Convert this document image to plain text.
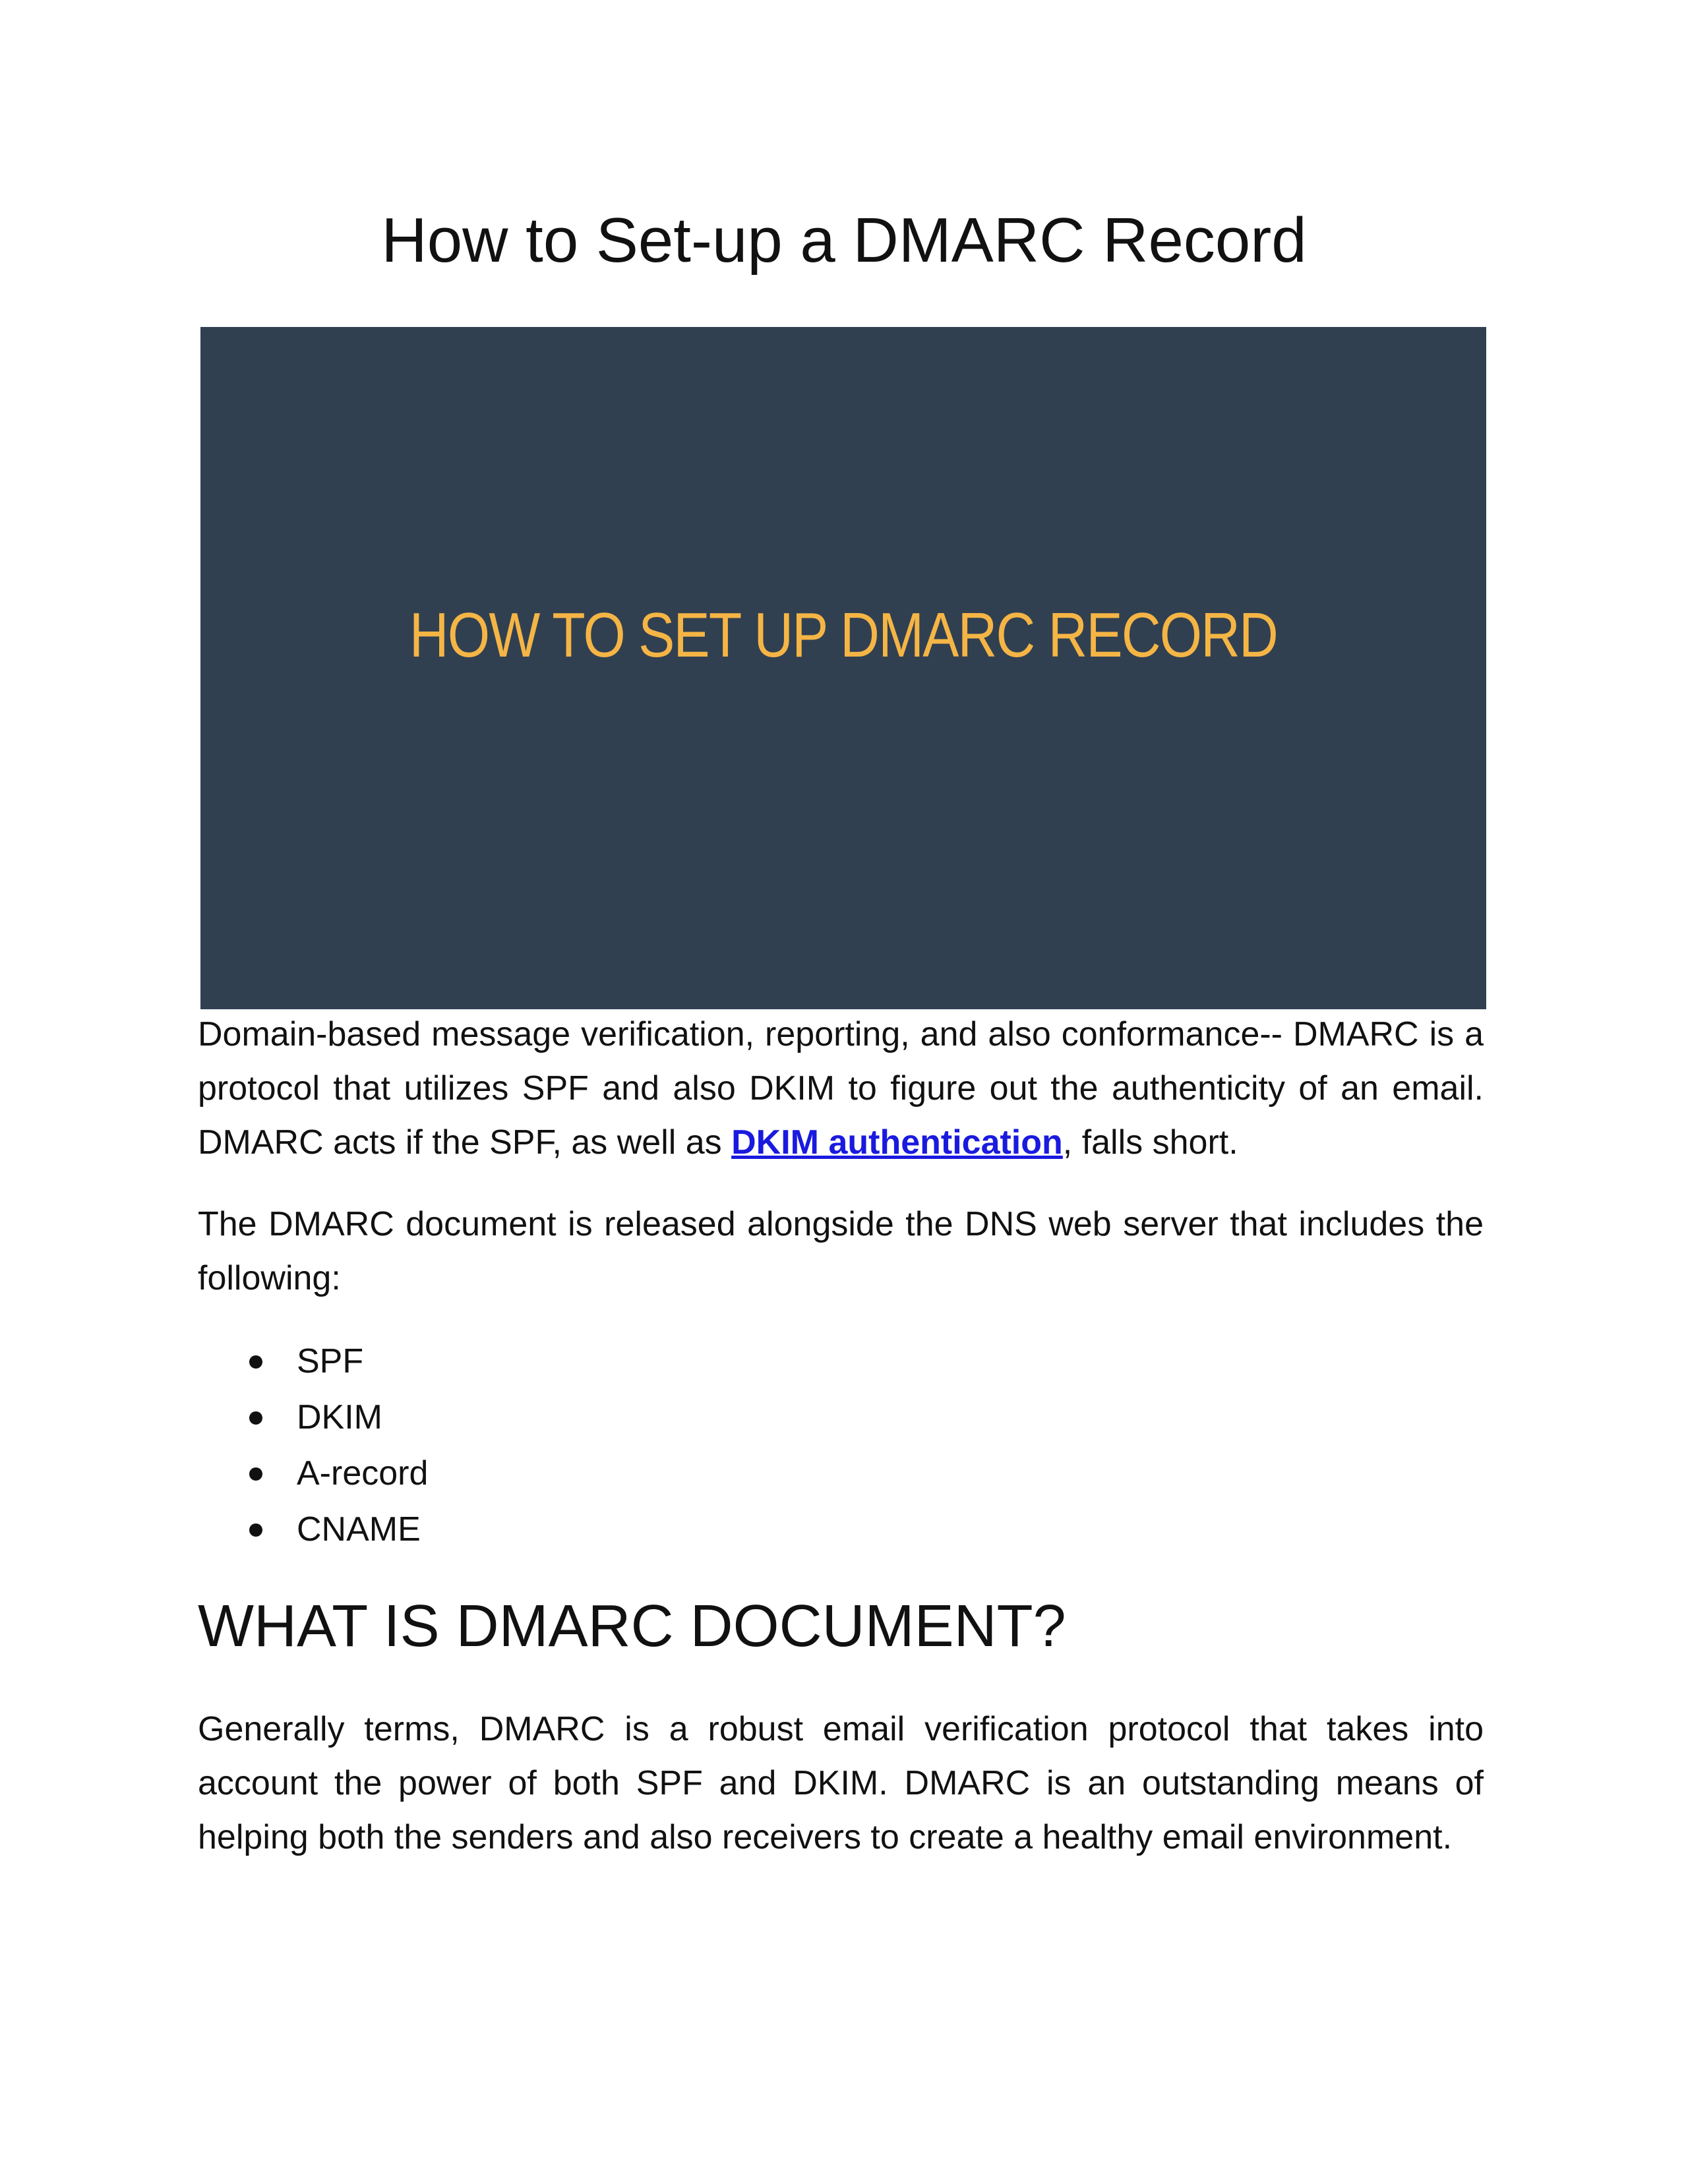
How to Set-up a DMARC Record
HOW TO SET UP DMARC RECORD

Domain-based message verification, reporting, and also conformance-- DMARC is a protocol that utilizes SPF and also DKIM to figure out the authenticity of an email. DMARC acts if the SPF, as well as DKIM authentication, falls short.

The DMARC document is released alongside the DNS web server that includes the following:

SPF
DKIM
A-record
CNAME
WHAT IS DMARC DOCUMENT?

Generally terms, DMARC is a robust email verification protocol that takes into account the power of both SPF and DKIM. DMARC is an outstanding means of helping both the senders and also receivers to create a healthy email environment.
